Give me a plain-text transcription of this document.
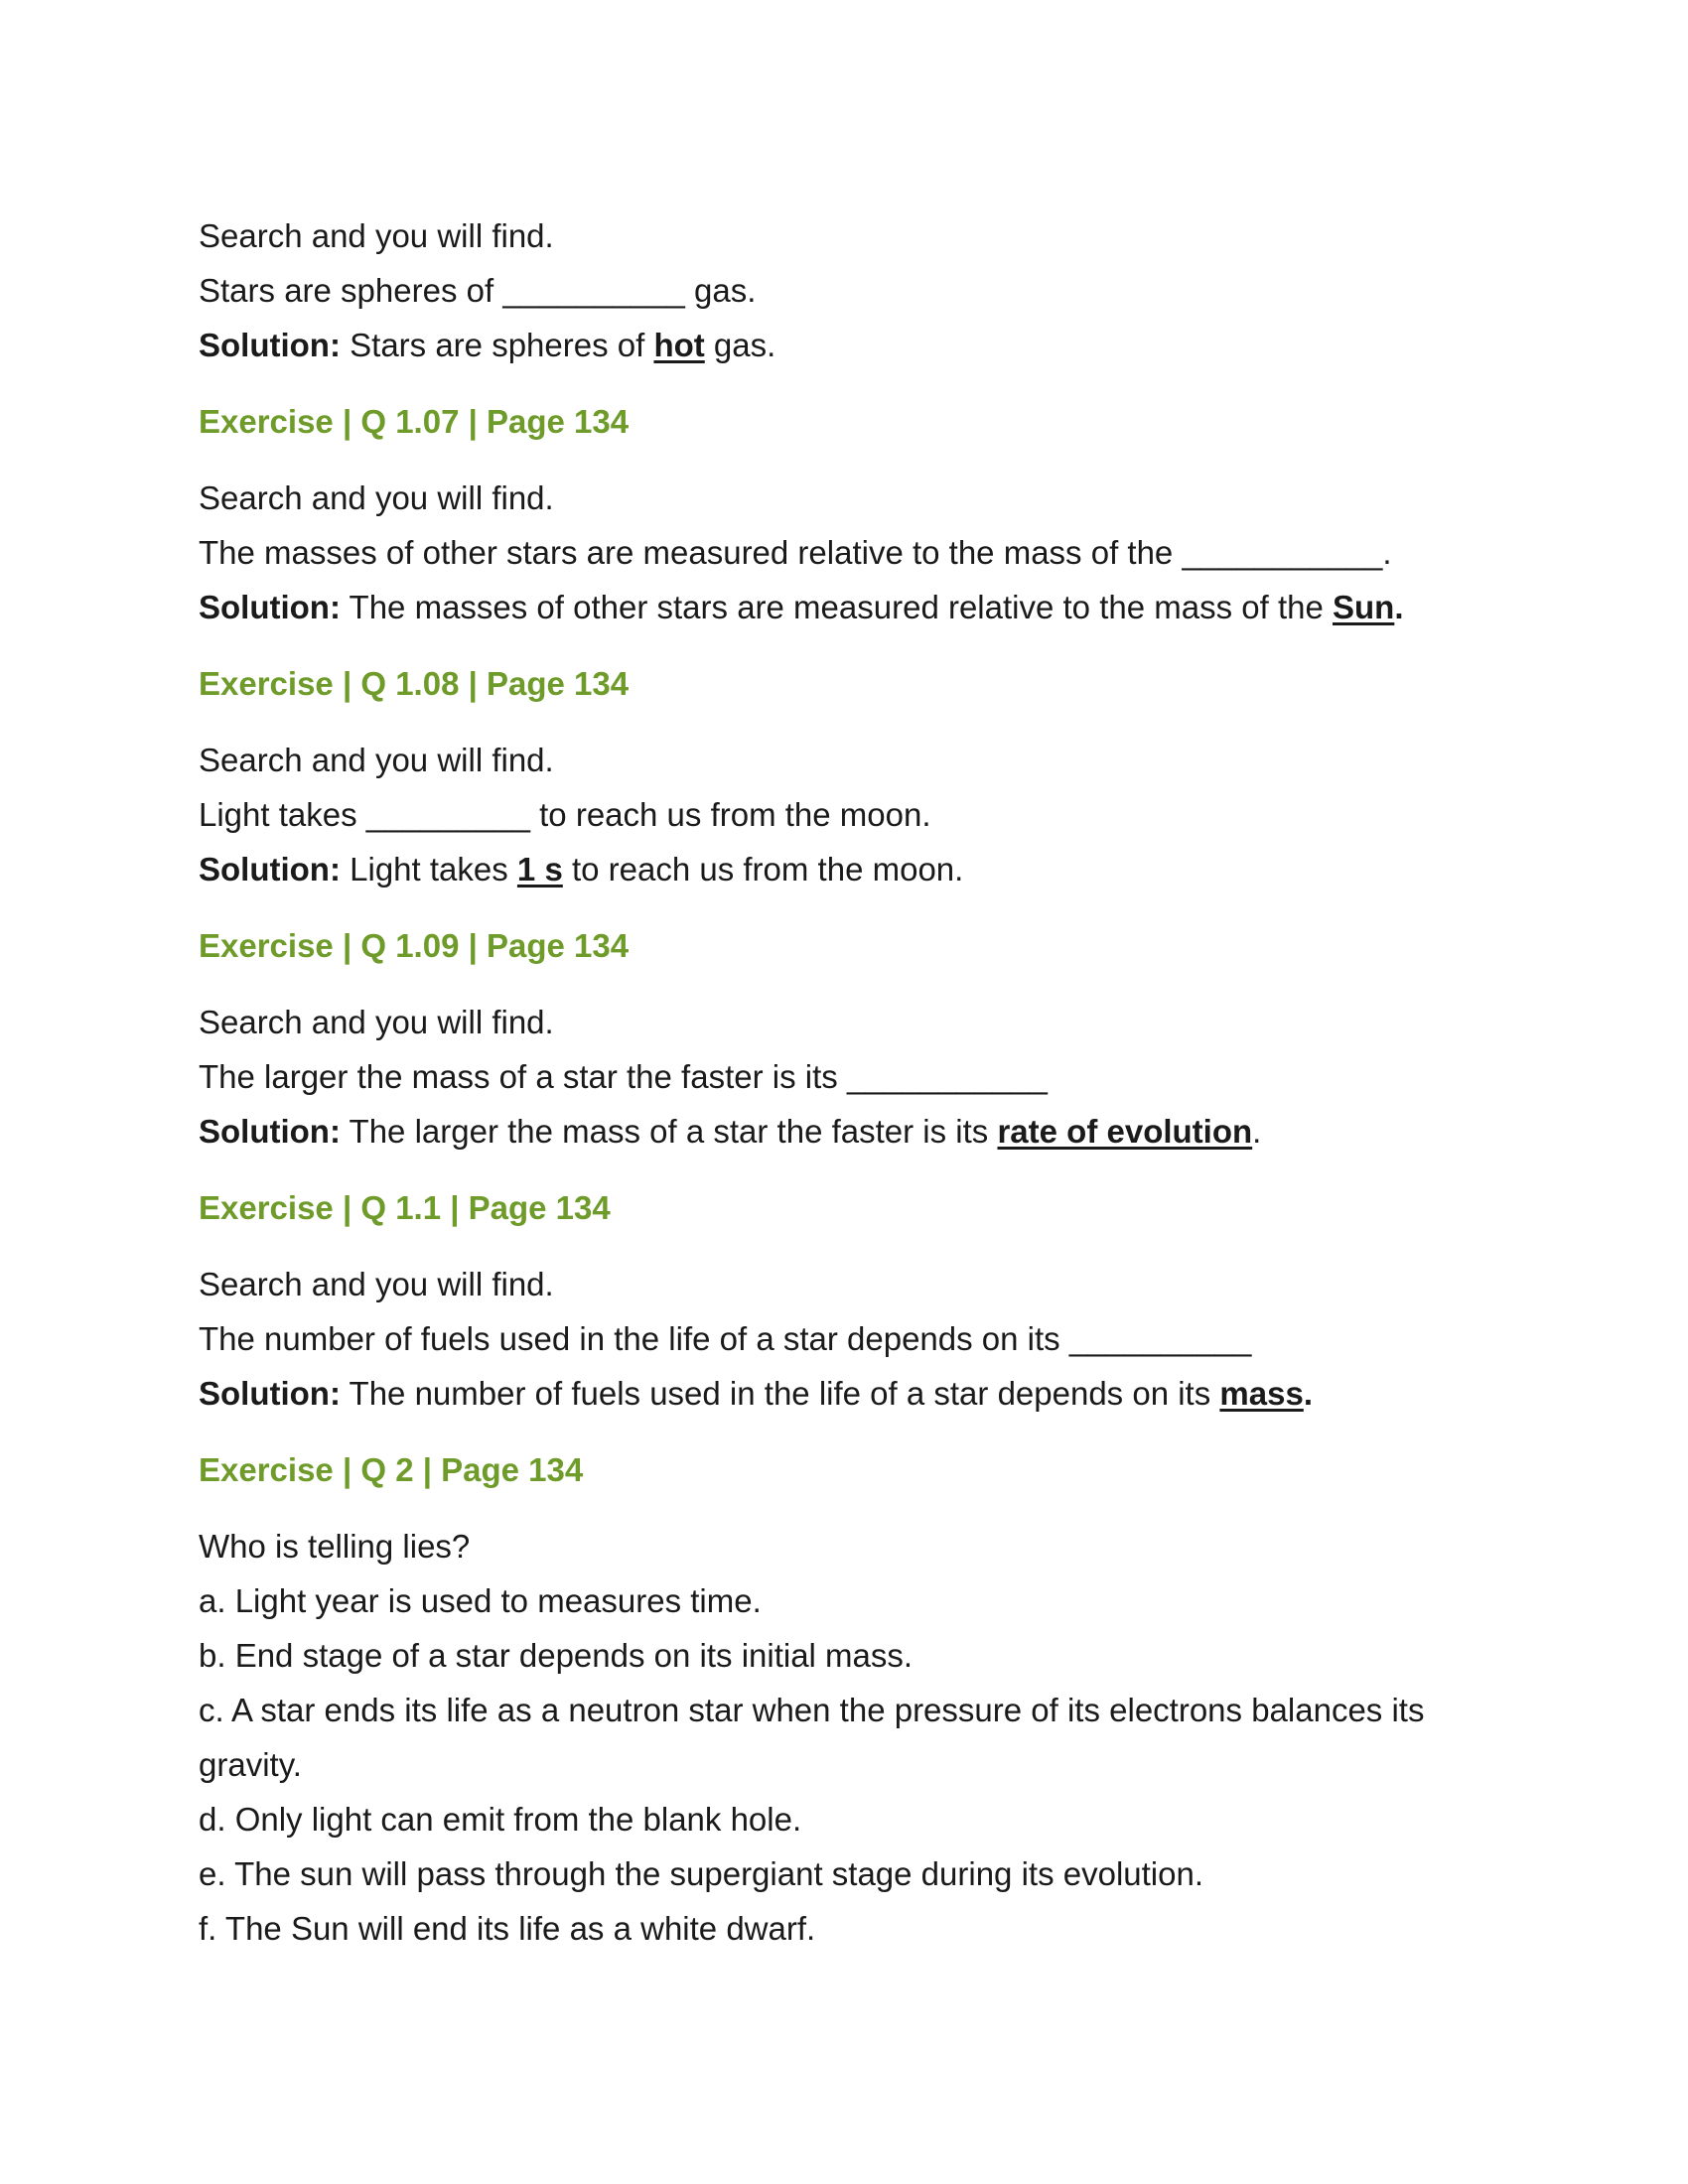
Search and you will find.
Stars are spheres of __________ gas.
Solution: Stars are spheres of hot gas.
Exercise | Q 1.07 | Page 134
Search and you will find.
The masses of other stars are measured relative to the mass of the ___________.
Solution: The masses of other stars are measured relative to the mass of the Sun.
Exercise | Q 1.08 | Page 134
Search and you will find.
Light takes _________ to reach us from the moon.
Solution: Light takes 1 s to reach us from the moon.
Exercise | Q 1.09 | Page 134
Search and you will find.
The larger the mass of a star the faster is its ___________
Solution: The larger the mass of a star the faster is its rate of evolution.
Exercise | Q 1.1 | Page 134
Search and you will find.
The number of fuels used in the life of a star depends on its __________
Solution: The number of fuels used in the life of a star depends on its mass.
Exercise | Q 2 | Page 134
Who is telling lies?
a. Light year is used to measures time.
b. End stage of a star depends on its initial mass.
c. A star ends its life as a neutron star when the pressure of its electrons balances its gravity.
d. Only light can emit from the blank hole.
e. The sun will pass through the supergiant stage during its evolution.
f. The Sun will end its life as a white dwarf.
